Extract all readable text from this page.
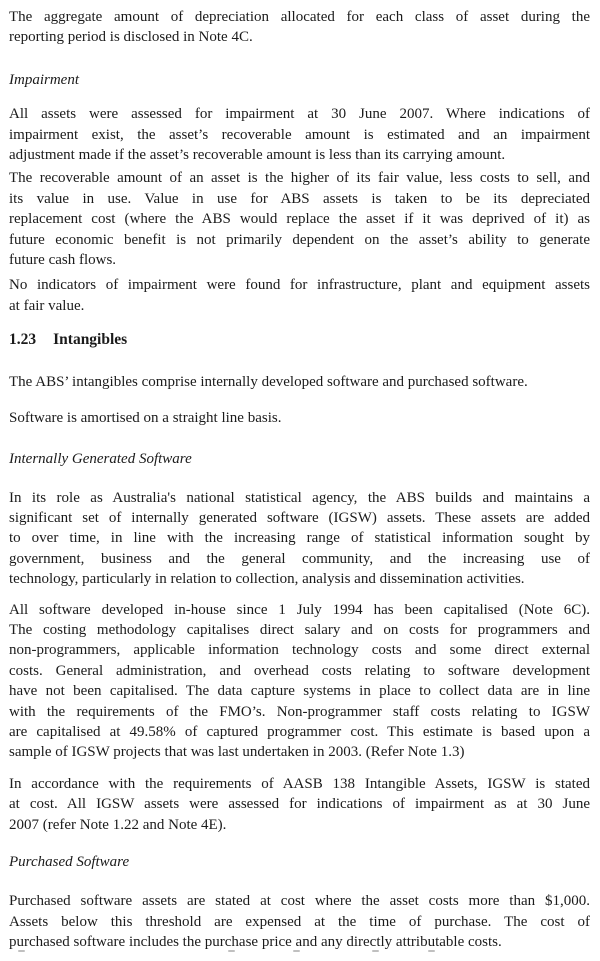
The aggregate amount of depreciation allocated for each class of asset during the
reporting period is disclosed in Note 4C.
Impairment
All assets were assessed for impairment at 30 June 2007. Where indications of
impairment exist, the asset’s recoverable amount is estimated and an impairment
adjustment made if the asset’s recoverable amount is less than its carrying amount.
The recoverable amount of an asset is the higher of its fair value, less costs to sell, and
its value in use. Value in use for ABS assets is taken to be its depreciated
replacement cost (where the ABS would replace the asset if it was deprived of it) as
future economic benefit is not primarily dependent on the asset’s ability to generate
future cash flows.
No indicators of impairment were found for infrastructure, plant and equipment assets
at fair value.
1.23 Intangibles
The ABS’ intangibles comprise internally developed software and purchased software.
Software is amortised on a straight line basis.
Internally Generated Software
In its role as Australia's national statistical agency, the ABS builds and maintains a
significant set of internally generated software (IGSW) assets. These assets are added
to over time, in line with the increasing range of statistical information sought by
government, business and the general community, and the increasing use of
technology, particularly in relation to collection, analysis and dissemination activities.
All software developed in-house since 1 July 1994 has been capitalised (Note 6C).
The costing methodology capitalises direct salary and on costs for programmers and
non-programmers, applicable information technology costs and some direct external
costs. General administration, and overhead costs relating to software development
have not been capitalised. The data capture systems in place to collect data are in line
with the requirements of the FMO’s. Non-programmer staff costs relating to IGSW
are capitalised at 49.58% of captured programmer cost. This estimate is based upon a
sample of IGSW projects that was last undertaken in 2003. (Refer Note 1.3)
In accordance with the requirements of AASB 138 Intangible Assets, IGSW is stated
at cost. All IGSW assets were assessed for indications of impairment as at 30 June
2007 (refer Note 1.22 and Note 4E).
Purchased Software
Purchased software assets are stated at cost where the asset costs more than $1,000.
Assets below this threshold are expensed at the time of purchase. The cost of
purchased software includes the purchase price and any directly attributable costs.
